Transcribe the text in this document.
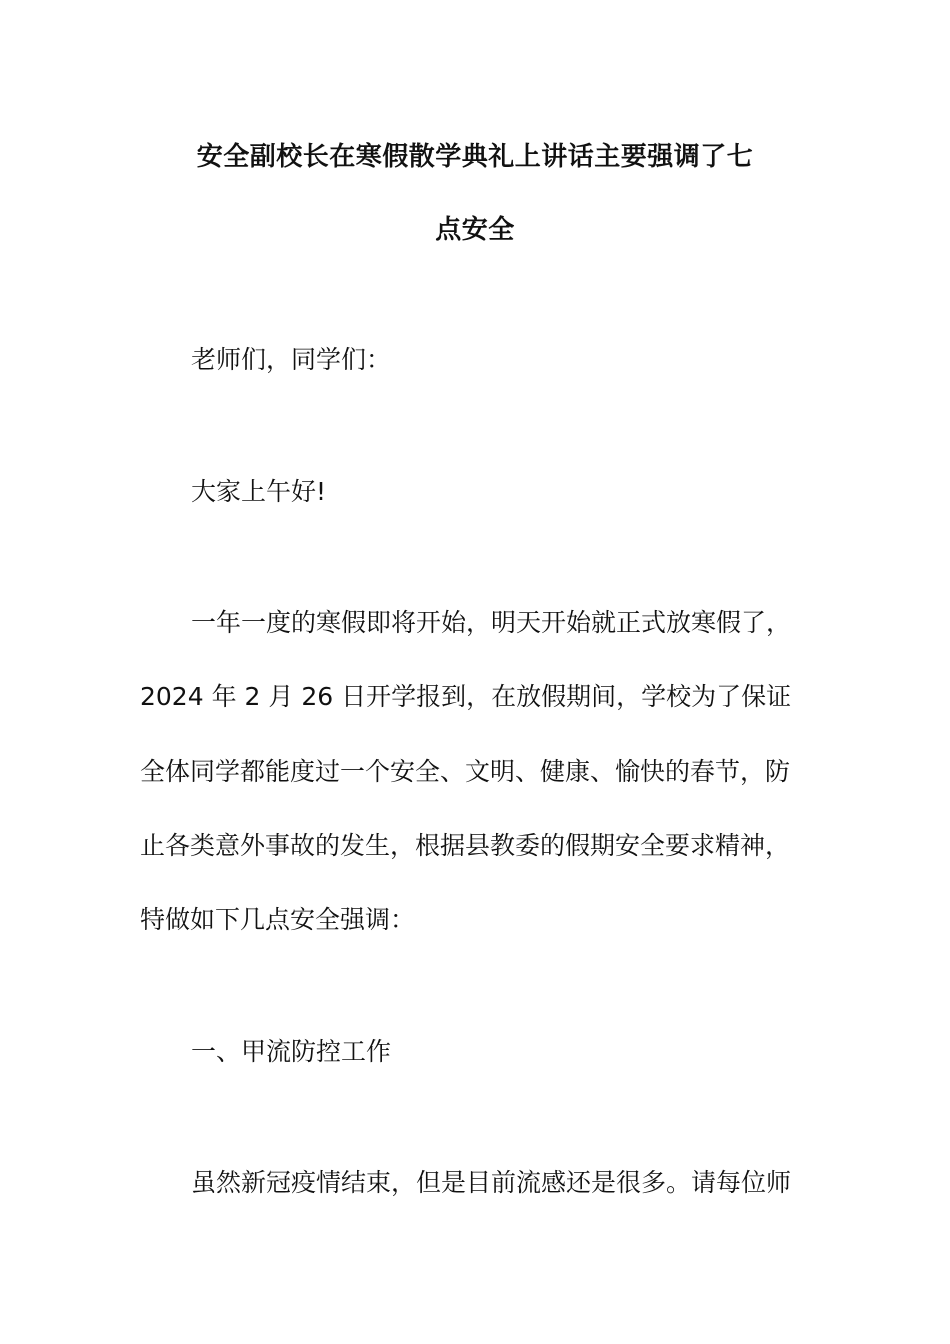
安全副校长在寒假散学典礼上讲话主要强调了七
点安全
老师们，同学们：
大家上午好!
一年一度的寒假即将开始，明天开始就正式放寒假了，
2024 年 2 月 26 日开学报到，在放假期间，学校为了保证
全体同学都能度过一个安全、文明、健康、愉快的春节，防
止各类意外事故的发生，根据县教委的假期安全要求精神，
特做如下几点安全强调：
一、甲流防控工作
虽然新冠疫情结束，但是目前流感还是很多。请每位师
